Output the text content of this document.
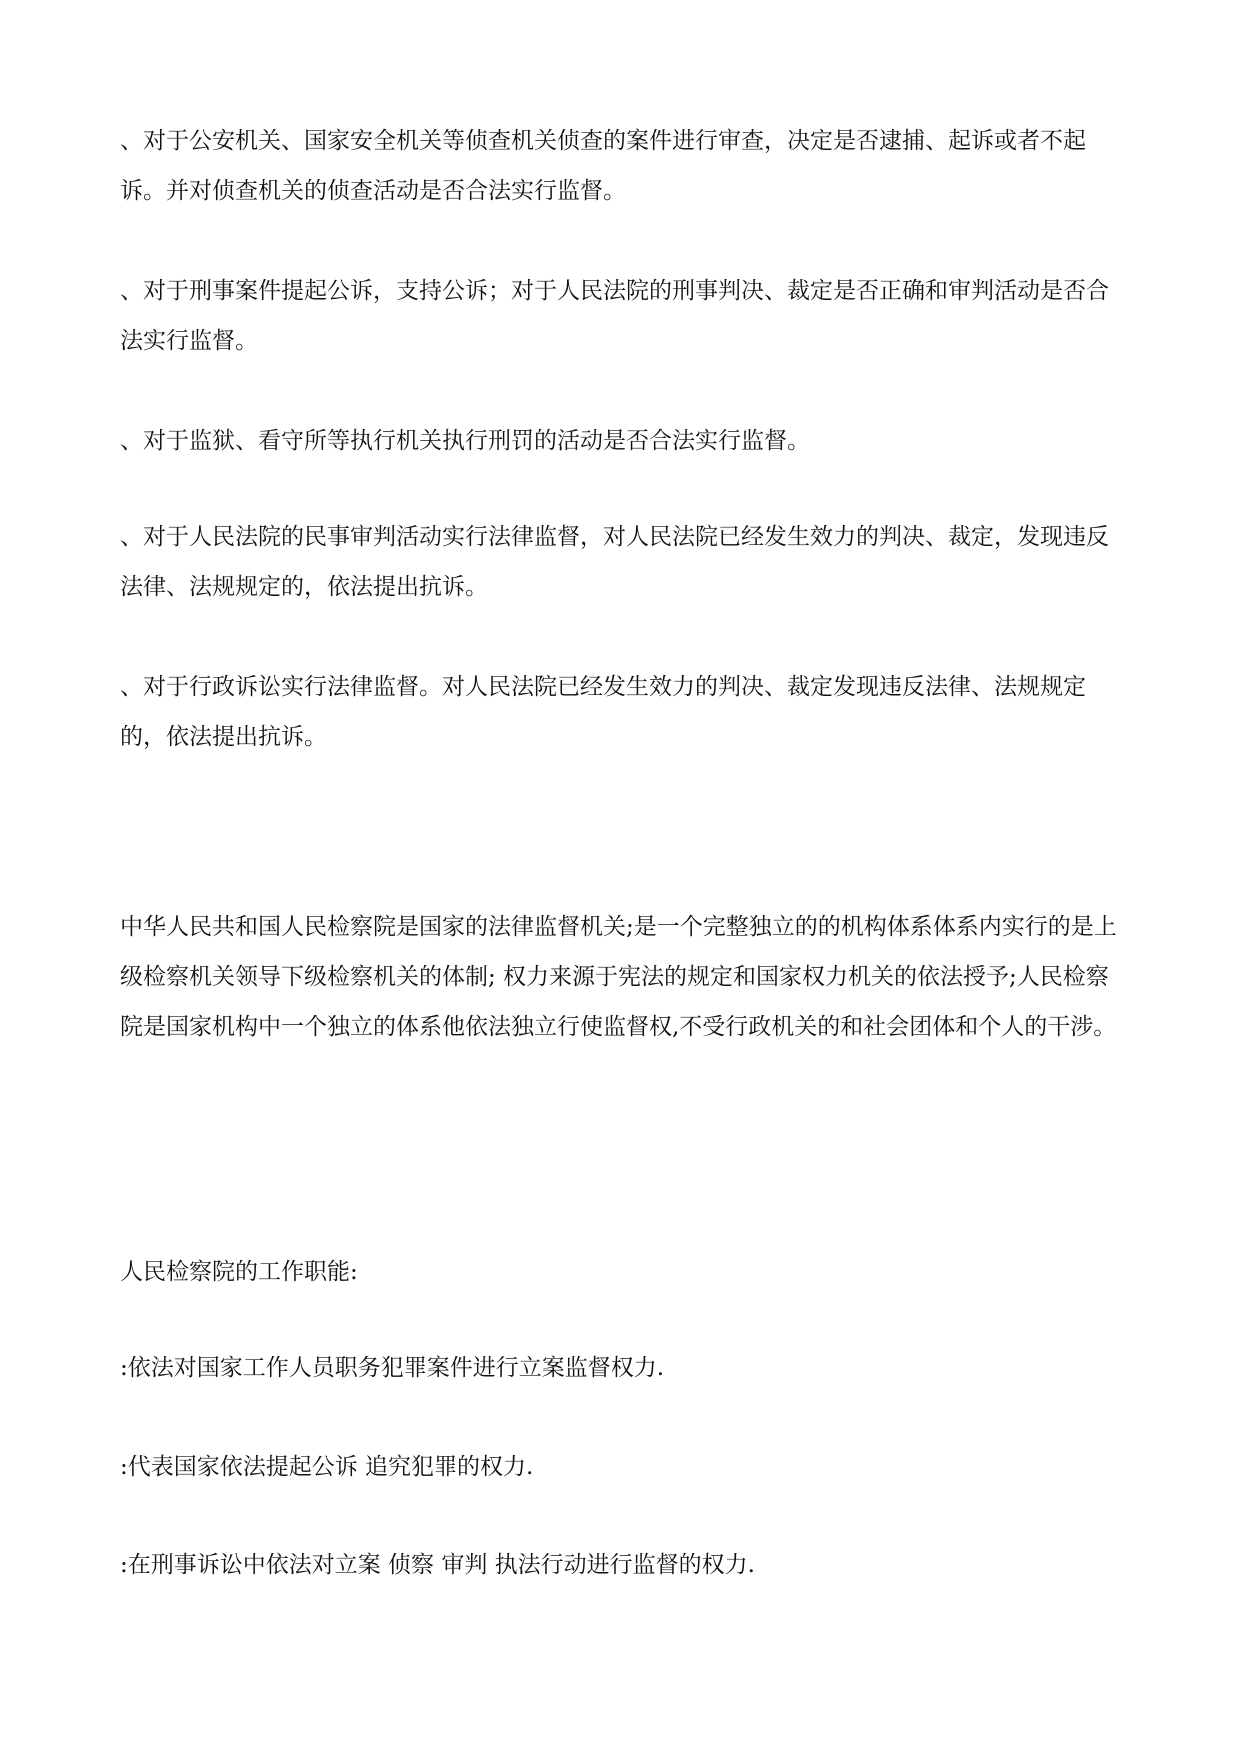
、对于公安机关、国家安全机关等侦查机关侦查的案件进行审查，决定是否逮捕、起诉或者不起诉。并对侦查机关的侦查活动是否合法实行监督。

、对于刑事案件提起公诉，支持公诉；对于人民法院的刑事判决、裁定是否正确和审判活动是否合法实行监督。

、对于监狱、看守所等执行机关执行刑罚的活动是否合法实行监督。

、对于人民法院的民事审判活动实行法律监督，对人民法院已经发生效力的判决、裁定，发现违反法律、法规规定的，依法提出抗诉。

、对于行政诉讼实行法律监督。对人民法院已经发生效力的判决、裁定发现违反法律、法规规定的，依法提出抗诉。

中华人民共和国人民检察院是国家的法律监督机关;是一个完整独立的的机构体系体系内实行的是上级检察机关领导下级检察机关的体制; 权力来源于宪法的规定和国家权力机关的依法授予;人民检察院是国家机构中一个独立的体系他依法独立行使监督权,不受行政机关的和社会团体和个人的干涉。

人民检察院的工作职能:

:依法对国家工作人员职务犯罪案件进行立案监督权力.

:代表国家依法提起公诉 追究犯罪的权力.

:在刑事诉讼中依法对立案 侦察 审判 执法行动进行监督的权力.
